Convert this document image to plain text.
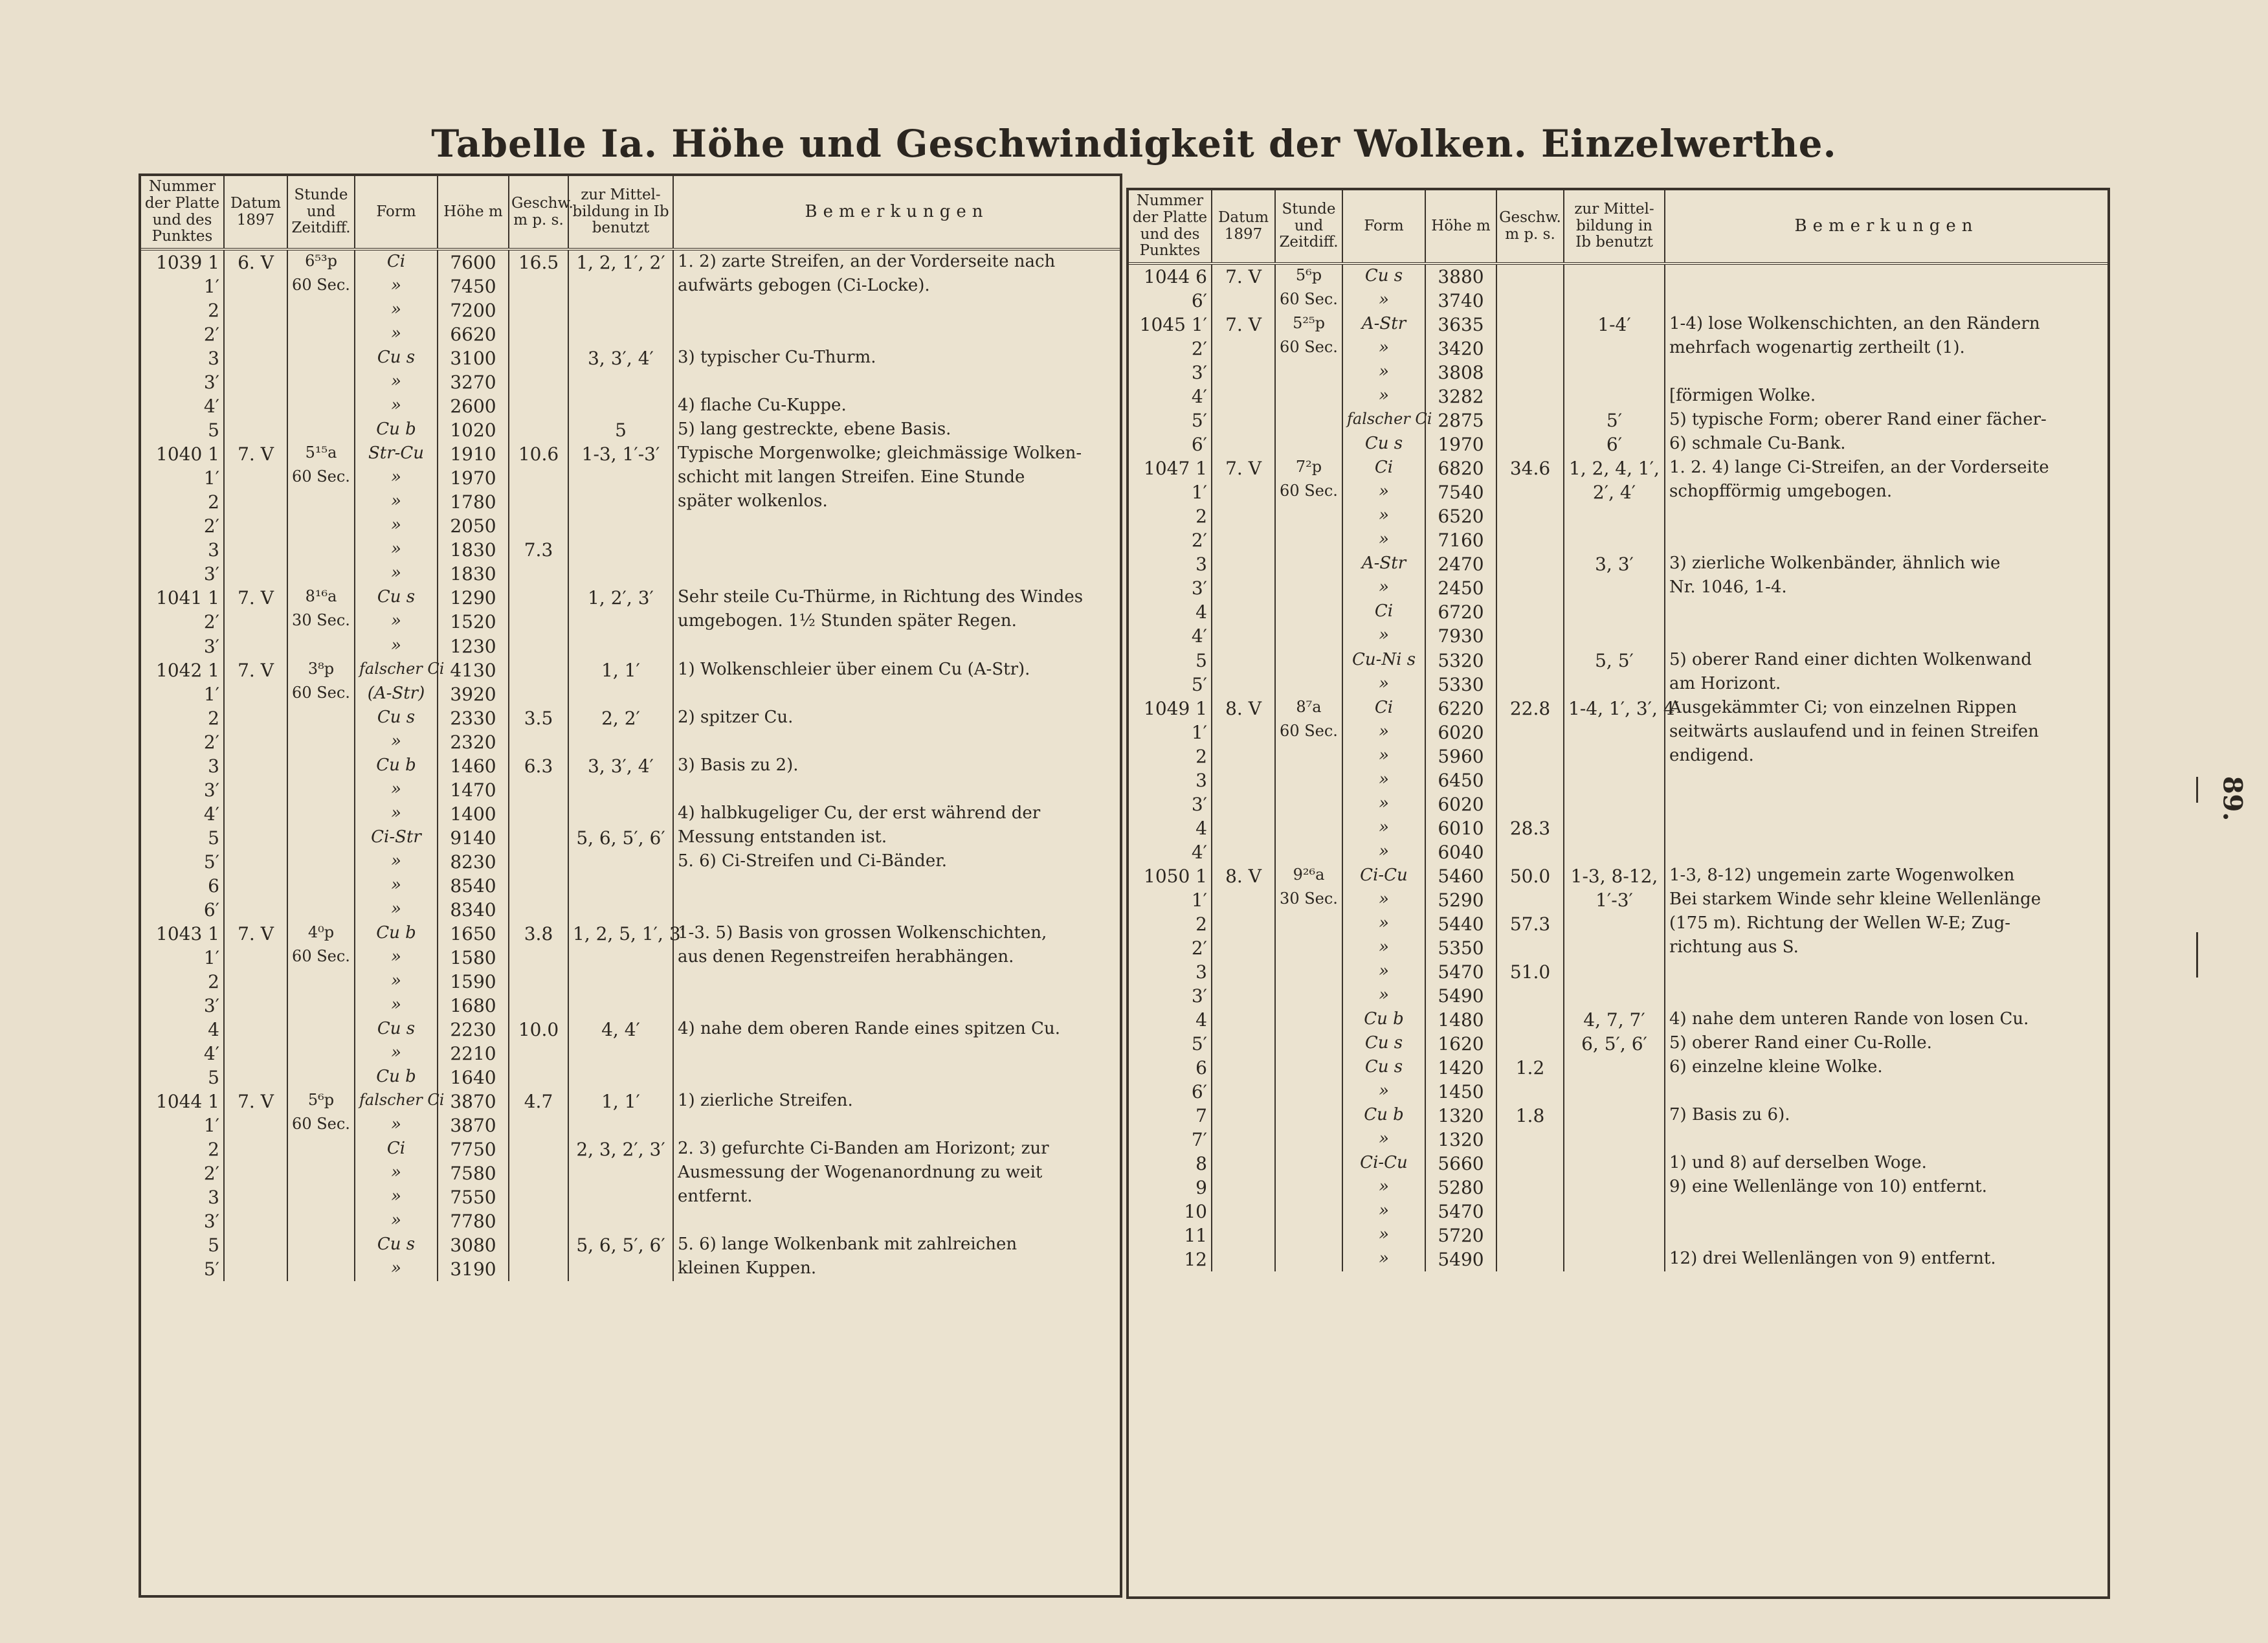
Tabelle Ia. Höhe und Geschwindigkeit der Wolken. Einzelwerthe.
Nummer der Platte und des Punktes	Datum 1897	Stunde und Zeitdiff.	Form	Höhe m	Geschw. m p. s.	zur Mittel-bildung in Ib benutzt	Bemerkungen
1039 1	6. V	6⁵³p	Ci	7600	16.5	1, 2, 1′, 2′	1. 2) zarte Streifen, an der Vorderseite nach
1′		60 Sec.	»	7450			aufwärts gebogen (Ci-Locke).
2			»	7200			
2′			»	6620			
3			Cu s	3100		3, 3′, 4′	3) typischer Cu-Thurm.
3′			»	3270			
4′			»	2600			4) flache Cu-Kuppe.
5			Cu b	1020		5	5) lang gestreckte, ebene Basis.
1040 1	7. V	5¹⁵a	Str-Cu	1910	10.6	1-3, 1′-3′	Typische Morgenwolke; gleichmässige Wolken-
1′		60 Sec.	»	1970			schicht mit langen Streifen. Eine Stunde
2			»	1780			später wolkenlos.
2′			»	2050			
3			»	1830	7.3		
3′			»	1830			
1041 1	7. V	8¹⁶a	Cu s	1290		1, 2′, 3′	Sehr steile Cu-Thürme, in Richtung des Windes
2′		30 Sec.	»	1520			umgebogen. 1½ Stunden später Regen.
3′			»	1230			
1042 1	7. V	3⁸p	falscher Ci	4130		1, 1′	1) Wolkenschleier über einem Cu (A-Str).
1′		60 Sec.	(A-Str)	3920			
2			Cu s	2330	3.5	2, 2′	2) spitzer Cu.
2′			»	2320			
3			Cu b	1460	6.3	3, 3′, 4′	3) Basis zu 2).
3′			»	1470			
4′			»	1400			4) halbkugeliger Cu, der erst während der
5			Ci-Str	9140		5, 6, 5′, 6′	Messung entstanden ist.
5′			»	8230			5. 6) Ci-Streifen und Ci-Bänder.
6			»	8540			
6′			»	8340			
1043 1	7. V	4⁰p	Cu b	1650	3.8	1, 2, 5, 1′, 3′	1-3. 5) Basis von grossen Wolkenschichten,
1′		60 Sec.	»	1580			aus denen Regenstreifen herabhängen.
2			»	1590			
3′			»	1680			
4			Cu s	2230	10.0	4, 4′	4) nahe dem oberen Rande eines spitzen Cu.
4′			»	2210			
5			Cu b	1640			
1044 1	7. V	5⁶p	falscher Ci	3870	4.7	1, 1′	1) zierliche Streifen.
1′		60 Sec.	»	3870			
2			Ci	7750		2, 3, 2′, 3′	2. 3) gefurchte Ci-Banden am Horizont; zur
2′			»	7580			Ausmessung der Wogenanordnung zu weit
3			»	7550			entfernt.
3′			»	7780			
5			Cu s	3080		5, 6, 5′, 6′	5. 6) lange Wolkenbank mit zahlreichen
5′			»	3190			kleinen Kuppen.
Nummer der Platte und des Punktes	Datum 1897	Stunde und Zeitdiff.	Form	Höhe m	Geschw. m p. s.	zur Mittel-bildung in Ib benutzt	Bemerkungen
1044 6	7. V	5⁶p	Cu s	3880			
6′		60 Sec.	»	3740			
1045 1′	7. V	5²⁵p	A-Str	3635		1-4′	1-4) lose Wolkenschichten, an den Rändern
2′		60 Sec.	»	3420			mehrfach wogenartig zertheilt (1).
3′			»	3808			
4′			»	3282			[förmigen Wolke.
5′			falscher Ci	2875		5′	5) typische Form; oberer Rand einer fächer-
6′			Cu s	1970		6′	6) schmale Cu-Bank.
1047 1	7. V	7²p	Ci	6820	34.6	1, 2, 4, 1′,	1. 2. 4) lange Ci-Streifen, an der Vorderseite
1′		60 Sec.	»	7540		2′, 4′	schopfförmig umgebogen.
2			»	6520			
2′			»	7160			
3			A-Str	2470		3, 3′	3) zierliche Wolkenbänder, ähnlich wie
3′			»	2450			Nr. 1046, 1-4.
4			Ci	6720			
4′			»	7930			
5			Cu-Ni s	5320		5, 5′	5) oberer Rand einer dichten Wolkenwand
5′			»	5330			am Horizont.
1049 1	8. V	8⁷a	Ci	6220	22.8	1-4, 1′, 3′, 4′	Ausgekämmter Ci; von einzelnen Rippen
1′		60 Sec.	»	6020			seitwärts auslaufend und in feinen Streifen
2			»	5960			endigend.
3			»	6450			
3′			»	6020			
4			»	6010	28.3		
4′			»	6040			
1050 1	8. V	9²⁶a	Ci-Cu	5460	50.0	1-3, 8-12,	1-3, 8-12) ungemein zarte Wogenwolken
1′		30 Sec.	»	5290		1′-3′	Bei starkem Winde sehr kleine Wellenlänge
2			»	5440	57.3		(175 m). Richtung der Wellen W-E; Zug-
2′			»	5350			richtung aus S.
3			»	5470	51.0		
3′			»	5490			
4			Cu b	1480		4, 7, 7′	4) nahe dem unteren Rande von losen Cu.
5′			Cu s	1620		6, 5′, 6′	5) oberer Rand einer Cu-Rolle.
6			Cu s	1420	1.2		6) einzelne kleine Wolke.
6′			»	1450			
7			Cu b	1320	1.8		7) Basis zu 6).
7′			»	1320			
8			Ci-Cu	5660			1) und 8) auf derselben Woge.
9			»	5280			9) eine Wellenlänge von 10) entfernt.
10			»	5470			
11			»	5720			
12			»	5490			12) drei Wellenlängen von 9) entfernt.
89.
